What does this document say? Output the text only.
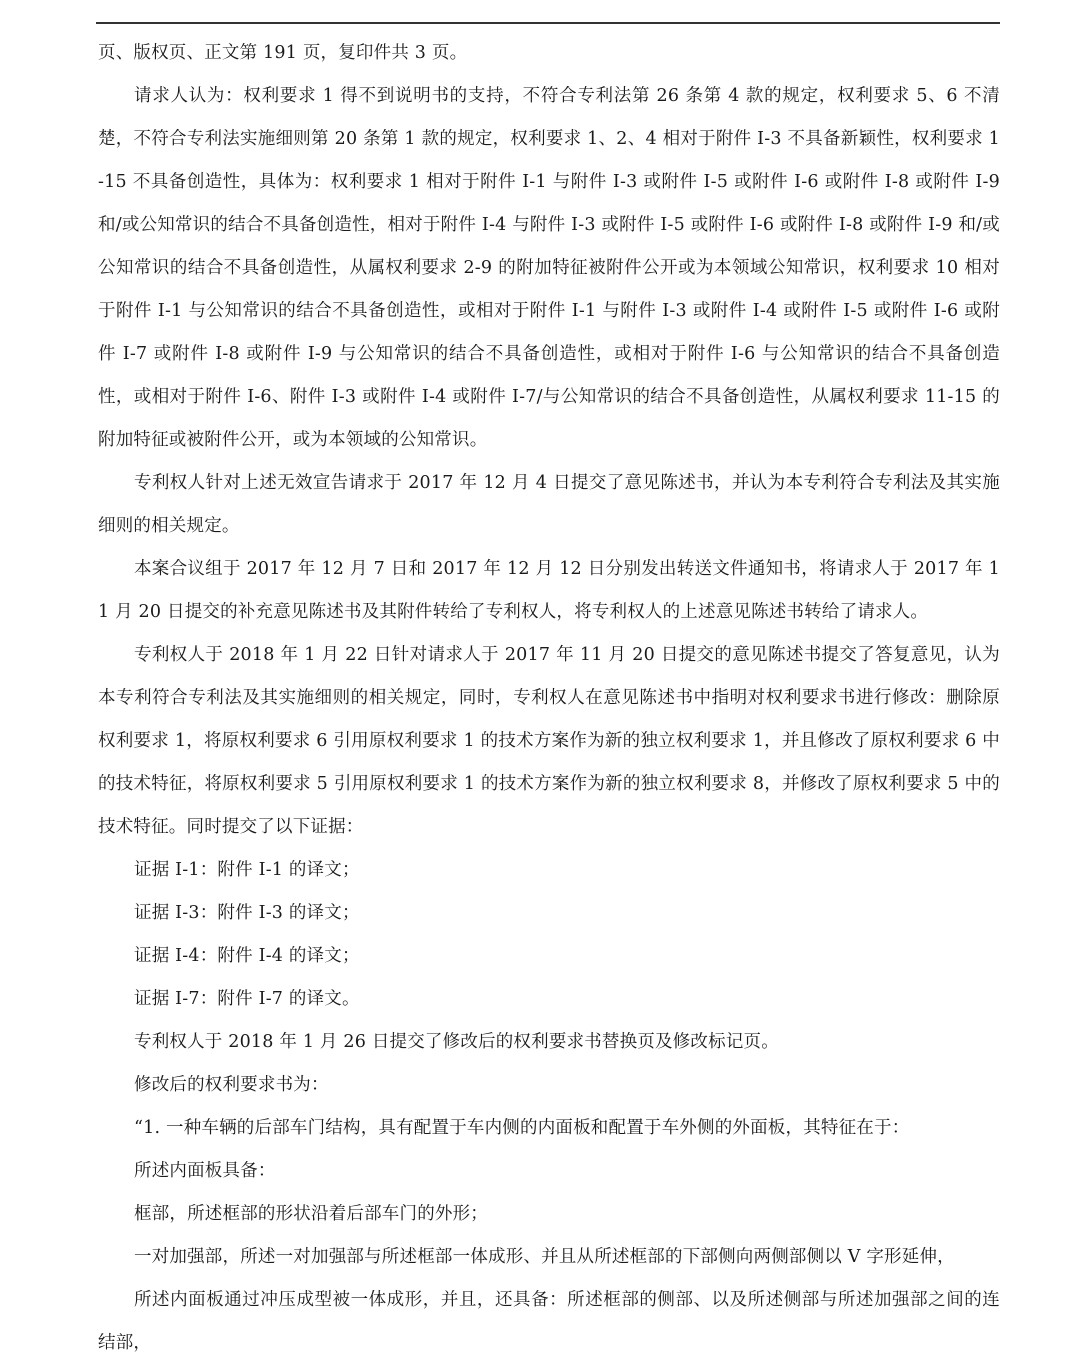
页、版权页、正文第 191 页，复印件共 3 页。

请求人认为：权利要求 1 得不到说明书的支持，不符合专利法第 26 条第 4 款的规定，权利要求 5、6 不清楚，不符合专利法实施细则第 20 条第 1 款的规定，权利要求 1、2、4 相对于附件 I-3 不具备新颖性，权利要求 1-15 不具备创造性，具体为：权利要求 1 相对于附件 I-1 与附件 I-3 或附件 I-5 或附件 I-6 或附件 I-8 或附件 I-9 和/或公知常识的结合不具备创造性，相对于附件 I-4 与附件 I-3 或附件 I-5 或附件 I-6 或附件 I-8 或附件 I-9 和/或公知常识的结合不具备创造性，从属权利要求 2-9 的附加特征被附件公开或为本领域公知常识，权利要求 10 相对于附件 I-1 与公知常识的结合不具备创造性，或相对于附件 I-1 与附件 I-3 或附件 I-4 或附件 I-5 或附件 I-6 或附件 I-7 或附件 I-8 或附件 I-9 与公知常识的结合不具备创造性，或相对于附件 I-6 与公知常识的结合不具备创造性，或相对于附件 I-6、附件 I-3 或附件 I-4 或附件 I-7/与公知常识的结合不具备创造性，从属权利要求 11-15 的附加特征或被附件公开，或为本领域的公知常识。

专利权人针对上述无效宣告请求于 2017 年 12 月 4 日提交了意见陈述书，并认为本专利符合专利法及其实施细则的相关规定。

本案合议组于 2017 年 12 月 7 日和 2017 年 12 月 12 日分别发出转送文件通知书，将请求人于 2017 年 11 月 20 日提交的补充意见陈述书及其附件转给了专利权人，将专利权人的上述意见陈述书转给了请求人。

专利权人于 2018 年 1 月 22 日针对请求人于 2017 年 11 月 20 日提交的意见陈述书提交了答复意见，认为本专利符合专利法及其实施细则的相关规定，同时，专利权人在意见陈述书中指明对权利要求书进行修改：删除原权利要求 1，将原权利要求 6 引用原权利要求 1 的技术方案作为新的独立权利要求 1，并且修改了原权利要求 6 中的技术特征，将原权利要求 5 引用原权利要求 1 的技术方案作为新的独立权利要求 8，并修改了原权利要求 5 中的技术特征。同时提交了以下证据：

证据 I-1：附件 I-1 的译文；

证据 I-3：附件 I-3 的译文；

证据 I-4：附件 I-4 的译文；

证据 I-7：附件 I-7 的译文。

专利权人于 2018 年 1 月 26 日提交了修改后的权利要求书替换页及修改标记页。

修改后的权利要求书为：

“1. 一种车辆的后部车门结构，具有配置于车内侧的内面板和配置于车外侧的外面板，其特征在于：

所述内面板具备：

框部，所述框部的形状沿着后部车门的外形；

一对加强部，所述一对加强部与所述框部一体成形、并且从所述框部的下部侧向两侧部侧以 V 字形延伸，

所述内面板通过冲压成型被一体成形，并且，还具备：所述框部的侧部、以及所述侧部与所述加强部之间的连结部，
